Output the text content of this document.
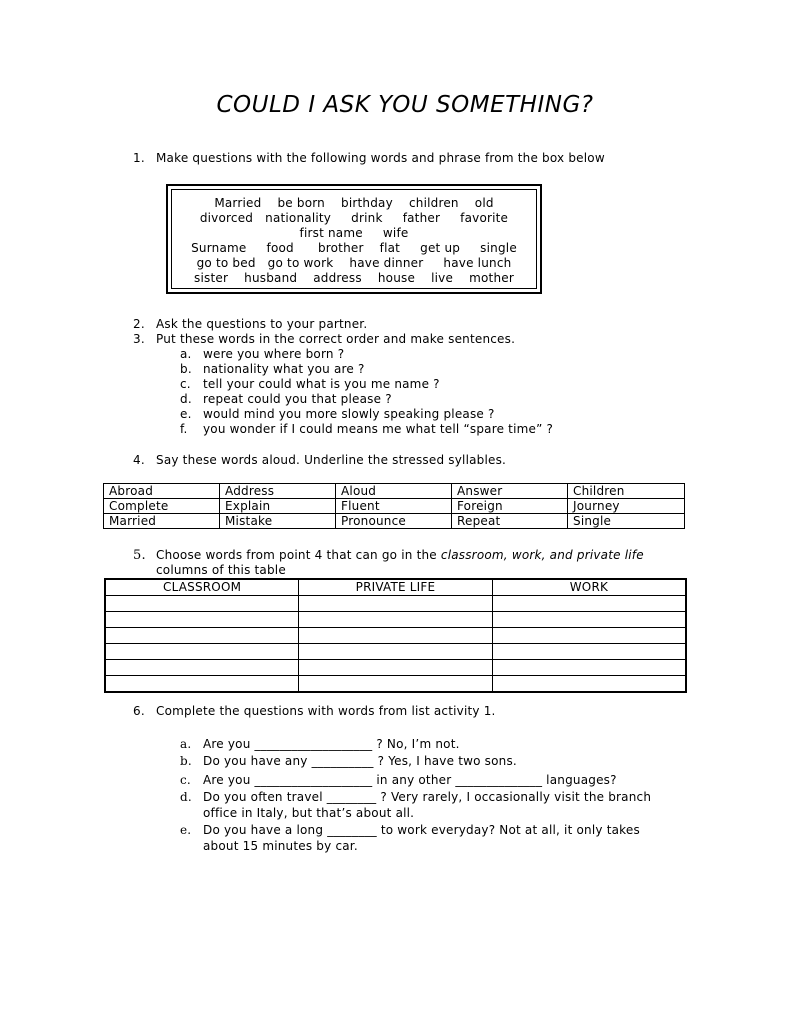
COULD I ASK YOU SOMETHING?
1. Make questions with the following words and phrase from the box below
Married    be born    birthday    children    old
divorced   nationality     drink     father     favorite
first name     wife
Surname     food      brother    flat     get up     single
go to bed   go to work    have dinner     have lunch
sister    husband    address    house    live    mother
2. Ask the questions to your partner.
3. Put these words in the correct order and make sentences.
a. were you where born ?
b. nationality what you are ?
c. tell your could what is you me name ?
d. repeat could you that please ?
e. would mind you more slowly speaking please ?
f. you wonder if I could means me what tell “spare time” ?
4. Say these words aloud. Underline the stressed syllables.
Abroad	Address	Aloud	Answer	Children
Complete	Explain	Fluent	Foreign	Journey
Married	Mistake	Pronounce	Repeat	Single
5. Choose words from point 4 that can go in the classroom, work, and private life
columns of this table
CLASSROOM	PRIVATE LIFE	WORK

6. Complete the questions with words from list activity 1.
a. Are you ___________________ ? No, I’m not.
b. Do you have any __________ ? Yes, I have two sons.
c. Are you ___________________ in any other ______________ languages?
d. Do you often travel ________ ? Very rarely, I occasionally visit the branch
office in Italy, but that’s about all.
e. Do you have a long ________ to work everyday? Not at all, it only takes
about 15 minutes by car.
